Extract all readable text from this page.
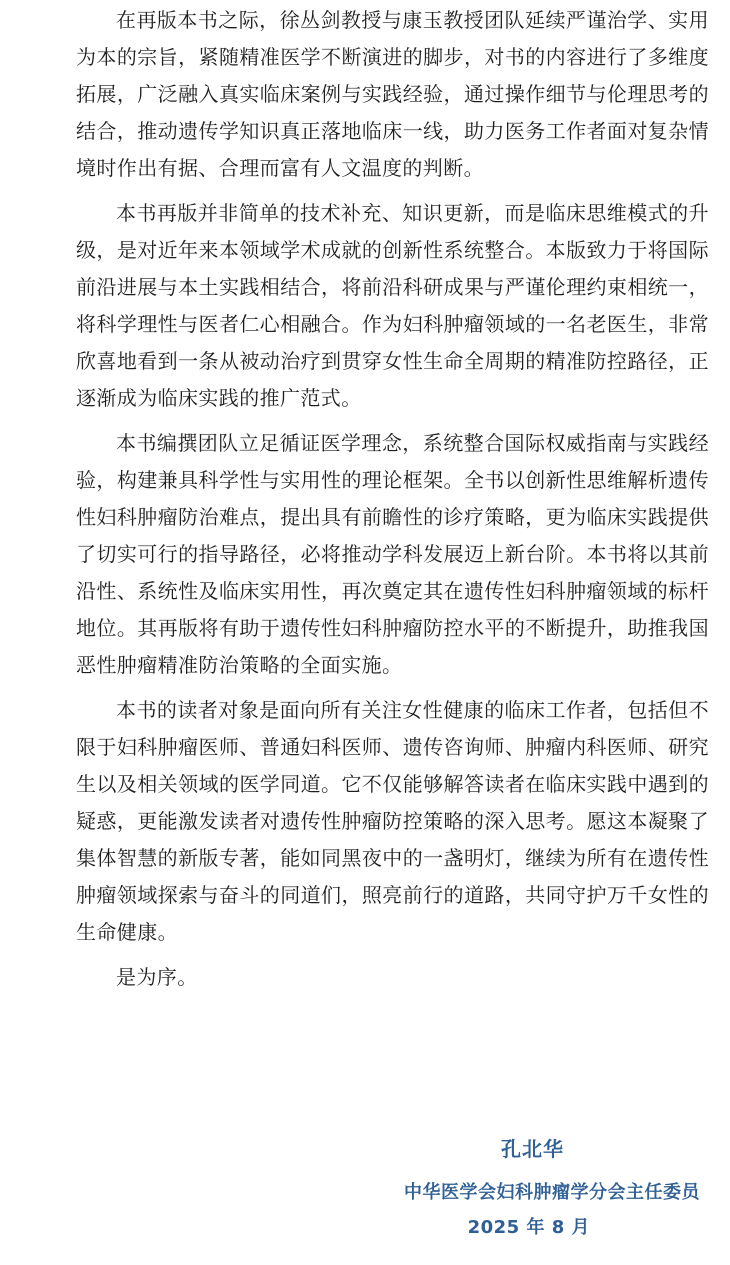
在再版本书之际，徐丛剑教授与康玉教授团队延续严谨治学、实用为本的宗旨，紧随精准医学不断演进的脚步，对书的内容进行了多维度拓展，广泛融入真实临床案例与实践经验，通过操作细节与伦理思考的结合，推动遗传学知识真正落地临床一线，助力医务工作者面对复杂情境时作出有据、合理而富有人文温度的判断。

本书再版并非简单的技术补充、知识更新，而是临床思维模式的升级，是对近年来本领域学术成就的创新性系统整合。本版致力于将国际前沿进展与本土实践相结合，将前沿科研成果与严谨伦理约束相统一，将科学理性与医者仁心相融合。作为妇科肿瘤领域的一名老医生，非常欣喜地看到一条从被动治疗到贯穿女性生命全周期的精准防控路径，正逐渐成为临床实践的推广范式。

本书编撰团队立足循证医学理念，系统整合国际权威指南与实践经验，构建兼具科学性与实用性的理论框架。全书以创新性思维解析遗传性妇科肿瘤防治难点，提出具有前瞻性的诊疗策略，更为临床实践提供了切实可行的指导路径，必将推动学科发展迈上新台阶。本书将以其前沿性、系统性及临床实用性，再次奠定其在遗传性妇科肿瘤领域的标杆地位。其再版将有助于遗传性妇科肿瘤防控水平的不断提升，助推我国恶性肿瘤精准防治策略的全面实施。

本书的读者对象是面向所有关注女性健康的临床工作者，包括但不限于妇科肿瘤医师、普通妇科医师、遗传咨询师、肿瘤内科医师、研究生以及相关领域的医学同道。它不仅能够解答读者在临床实践中遇到的疑惑，更能激发读者对遗传性肿瘤防控策略的深入思考。愿这本凝聚了集体智慧的新版专著，能如同黑夜中的一盏明灯，继续为所有在遗传性肿瘤领域探索与奋斗的同道们，照亮前行的道路，共同守护万千女性的生命健康。

是为序。

孔北华
中华医学会妇科肿瘤学分会主任委员
2025 年 8 月
